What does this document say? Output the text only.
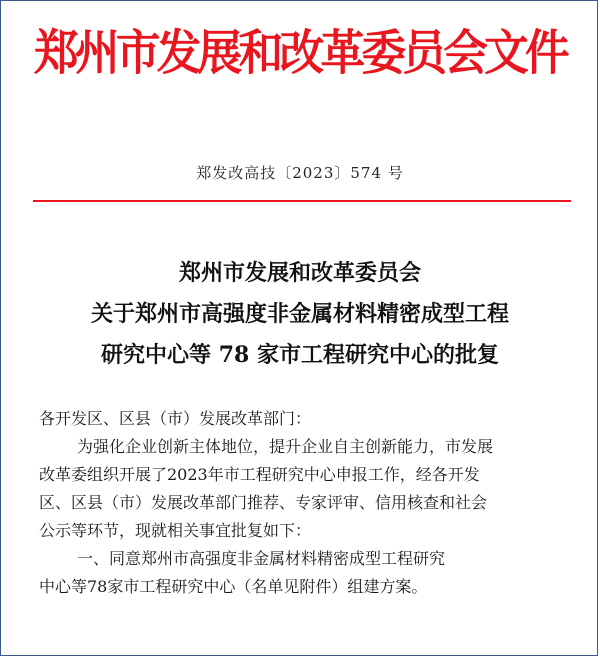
郑州市发展和改革委员会文件
郑发改高技〔2023〕574 号
郑州市发展和改革委员会
关于郑州市高强度非金属材料精密成型工程
研究中心等 78 家市工程研究中心的批复
各开发区、区县（市）发展改革部门：
为强化企业创新主体地位，提升企业自主创新能力，市发展
改革委组织开展了2023年市工程研究中心申报工作，经各开发
区、区县（市）发展改革部门推荐、专家评审、信用核查和社会
公示等环节，现就相关事宜批复如下：
一、同意郑州市高强度非金属材料精密成型工程研究
中心等78家市工程研究中心（名单见附件）组建方案。
